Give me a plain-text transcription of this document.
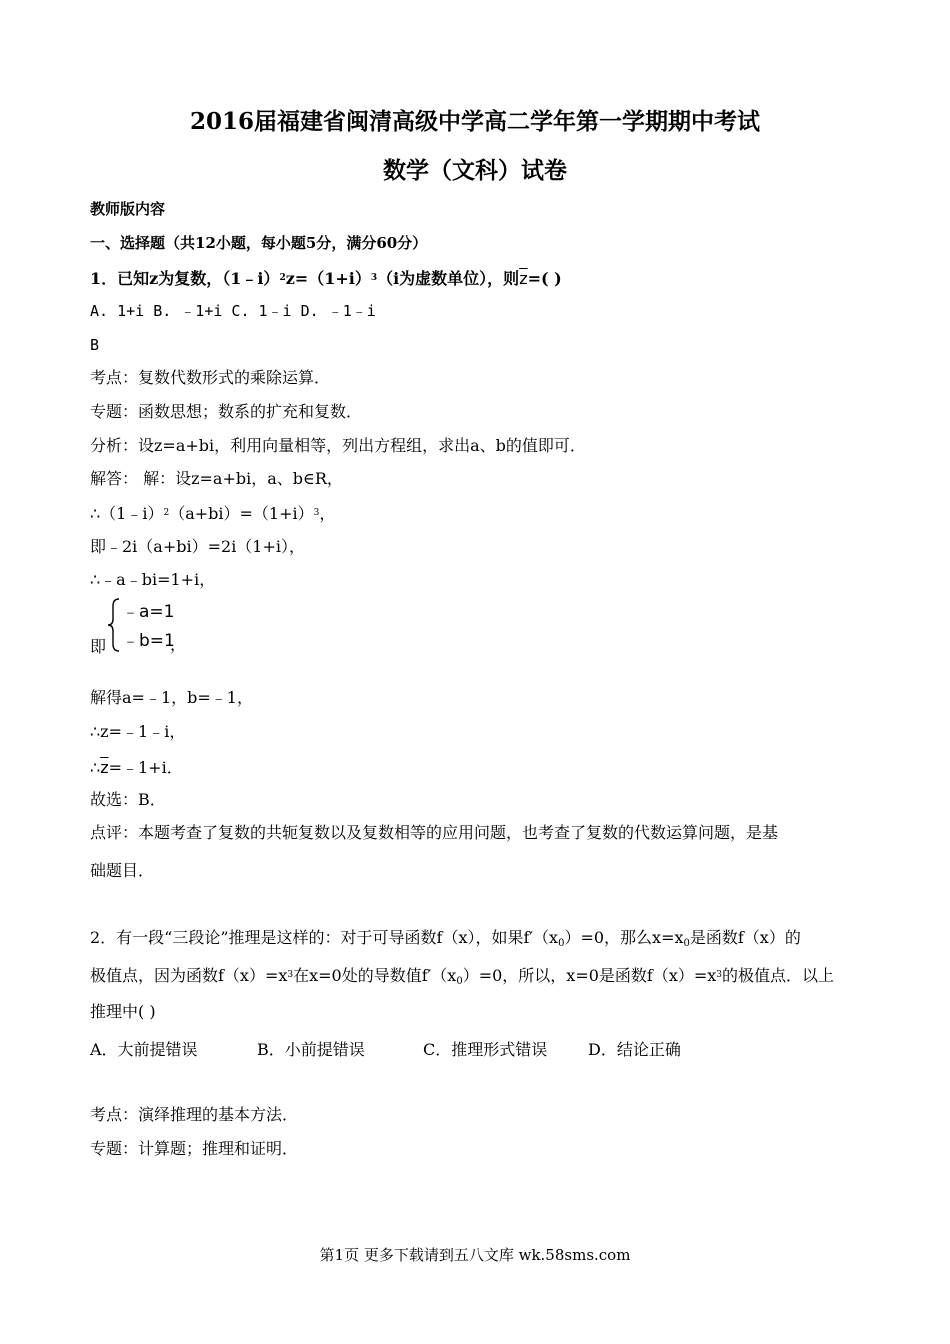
2016届福建省闽清高级中学高二学年第一学期期中考试
数学（文科）试卷
教师版内容
一、选择题（共12小题，每小题5分，满分60分）
1．已知z为复数，$(1﹣i)^2z=(1+i)^3(i$为虚数单位），则$\overline{z}=$( )
A. 1+i B. ﹣1+i C. 1﹣i D. ﹣1﹣i
B
考点：复数代数形式的乘除运算．
专题：函数思想；数系的扩充和复数．
分析：设z=a+bi，利用向量相等，列出方程组，求出a、b的值即可．
解答： 解：设z=a+bi，a、b∈R，
$\therefore(1﹣i)^2(a+bi)=(1+i)^3$，
即﹣2i（a+bi）=2i（1+i），
∴﹣a﹣bi=1+i，
即
﹣a=1
﹣b=1
，
解得a=﹣1，b=﹣1，
∴z=﹣1﹣i，
$\therefore\overline{z}=﹣1+i$．
故选：B．
点评：本题考查了复数的共轭复数以及复数相等的应用问题，也考查了复数的代数运算问题，是基
础题目．
2．有一段“三段论”推理是这样的：对于可导函数f（x），如果$f'(x_0)=0$，那么$x=x_0$是函数f（x）的
极值点，因为函数$f(x)=x^3$在x=0处的导数值$f'(x_0)=0$，所以，x=0是函数$f(x)=x^3$的极值点．以上
推理中( )
A．大前提错误	B．小前提错误	C．推理形式错误	D．结论正确
考点：演绎推理的基本方法．
专题：计算题；推理和证明．
第1页 更多下载请到五八文库 wk.58sms.com
